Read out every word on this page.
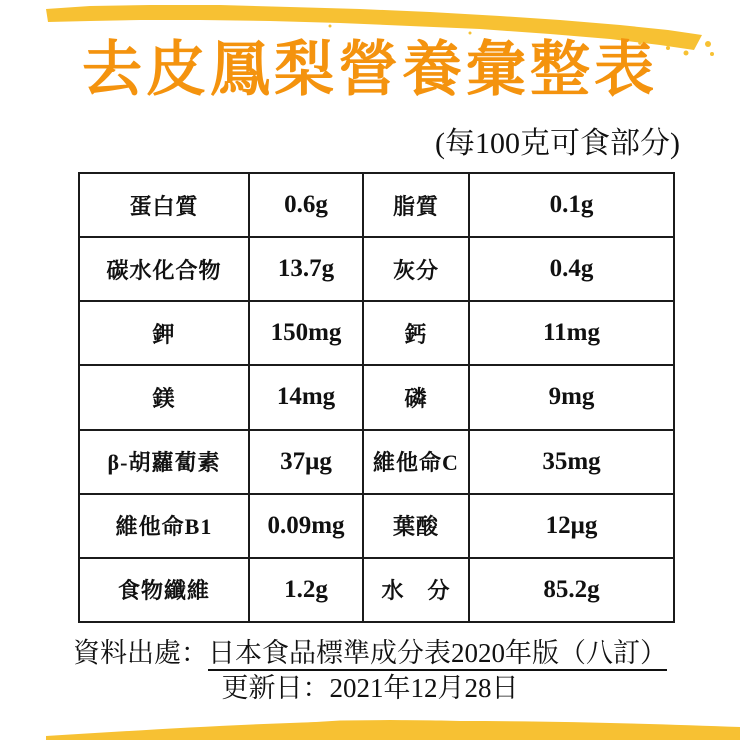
去皮鳳梨營養彙整表
(每100克可食部分)
蛋白質	0.6g	脂質	0.1g
碳水化合物	13.7g	灰分	0.4g
鉀	150mg	鈣	11mg
鎂	14mg	磷	9mg
β-胡蘿蔔素	37μg	維他命C	35mg
維他命B1	0.09mg	葉酸	12μg
食物纖維	1.2g	水　分	85.2g
資料出處：日本食品標準成分表2020年版（八訂）
更新日：2021年12月28日
